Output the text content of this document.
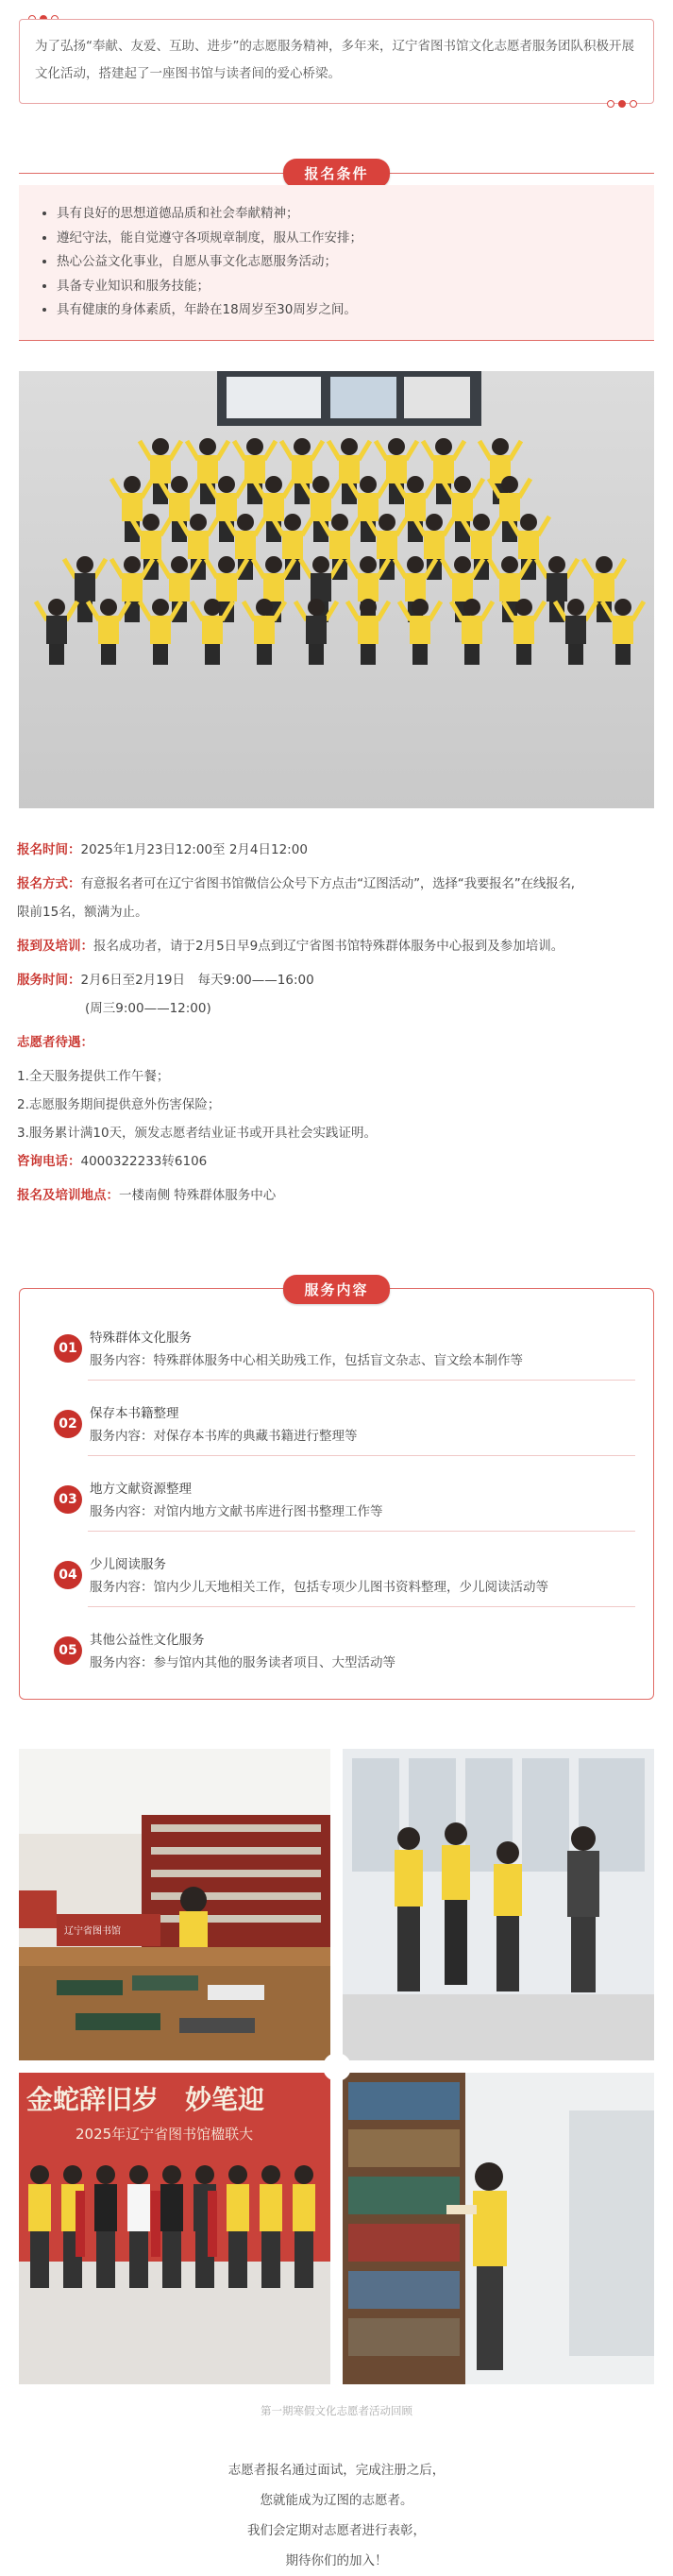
为了弘扬“奉献、友爱、互助、进步”的志愿服务精神，多年来，辽宁省图书馆文化志愿者服务团队积极开展文化活动，搭建起了一座图书馆与读者间的爱心桥梁。
报名条件
• 具有良好的思想道德品质和社会奉献精神；
• 遵纪守法，能自觉遵守各项规章制度，服从工作安排；
• 热心公益文化事业，自愿从事文化志愿服务活动；
• 具备专业知识和服务技能；
• 具有健康的身体素质，年龄在18周岁至30周岁之间。
报名时间：2025年1月23日12:00至 2月4日12:00
报名方式：有意报名者可在辽宁省图书馆微信公众号下方点击“辽图活动”，选择“我要报名”在线报名,
限前15名，额满为止。
报到及培训：报名成功者，请于2月5日早9点到辽宁省图书馆特殊群体服务中心报到及参加培训。
服务时间：2月6日至2月19日　每天9:00——16:00
(周三9:00——12:00)
志愿者待遇：
1.全天服务提供工作午餐；
2.志愿服务期间提供意外伤害保险；
3.服务累计满10天，颁发志愿者结业证书或开具社会实践证明。
咨询电话：4000322233转6106
报名及培训地点：一楼南侧 特殊群体服务中心
01
特殊群体文化服务
服务内容：特殊群体服务中心相关助残工作，包括盲文杂志、盲文绘本制作等
02
保存本书籍整理
服务内容：对保存本书库的典藏书籍进行整理等
03
地方文献资源整理
服务内容：对馆内地方文献书库进行图书整理工作等
04
少儿阅读服务
服务内容：馆内少儿天地相关工作，包括专项少儿图书资料整理，少儿阅读活动等
05
其他公益性文化服务
服务内容：参与馆内其他的服务读者项目、大型活动等
服务内容
辽宁省图书馆
金蛇辞旧岁　妙笔迎
2025年辽宁省图书馆楹联大
第一期寒假文化志愿者活动回顾
志愿者报名通过面试，完成注册之后，
您就能成为辽图的志愿者。
我们会定期对志愿者进行表彰，
期待你们的加入！
